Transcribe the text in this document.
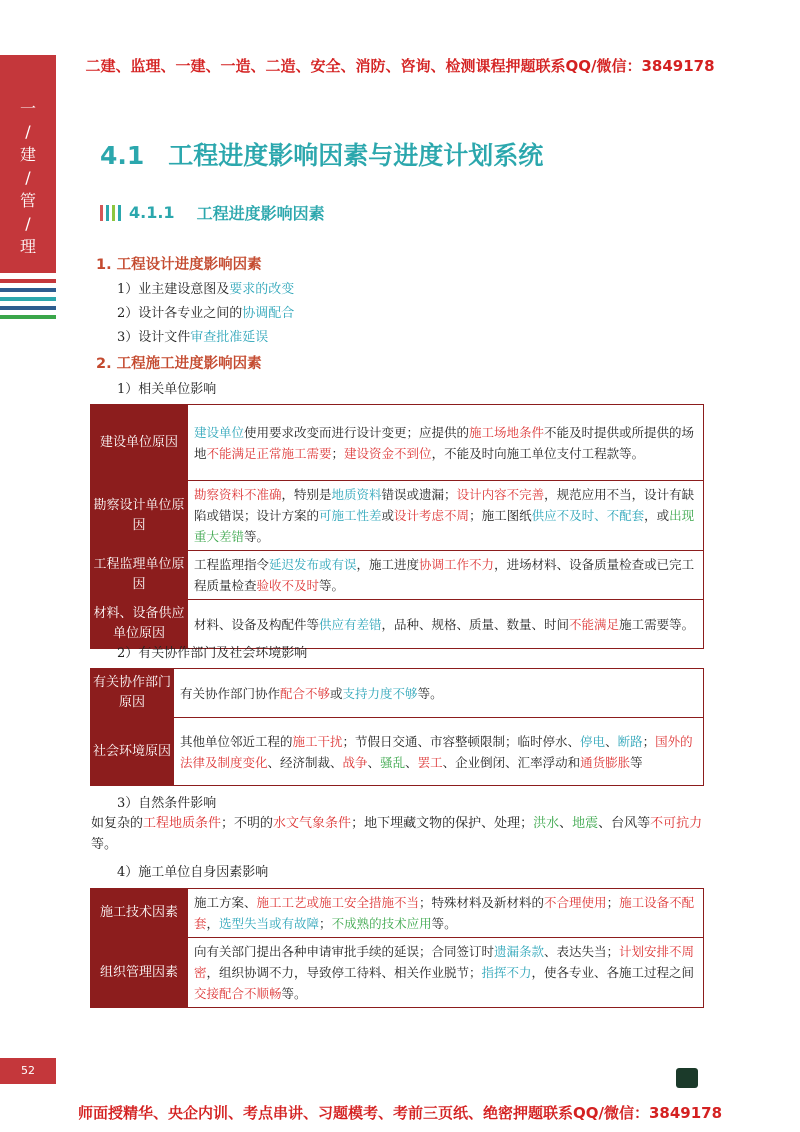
二建、监理、一建、一造、二造、安全、消防、咨询、检测课程押题联系QQ/微信：3849178
师面授精华、央企内训、考点串讲、习题模考、考前三页纸、绝密押题联系QQ/微信：3849178
一
/
建
/
管
/
理
52
4.1 工程进度影响因素与进度计划系统
4.1.1 工程进度影响因素
1. 工程设计进度影响因素
1）业主建设意图及要求的改变
2）设计各专业之间的协调配合
3）设计文件审查批准延误
2. 工程施工进度影响因素
1）相关单位影响
建设单位原因	建设单位使用要求改变而进行设计变更；应提供的施工场地条件不能及时提供或所提供的场地不能满足正常施工需要；建设资金不到位，不能及时向施工单位支付工程款等。
勘察设计单位原因	勘察资料不准确，特别是地质资料错误或遗漏；设计内容不完善，规范应用不当，设计有缺陷或错误；设计方案的可施工性差或设计考虑不周；施工图纸供应不及时、不配套，或出现重大差错等。
工程监理单位原因	工程监理指令延迟发布或有误，施工进度协调工作不力，进场材料、设备质量检查或已完工程质量检查验收不及时等。
材料、设备供应单位原因	材料、设备及构配件等供应有差错，品种、规格、质量、数量、时间不能满足施工需要等。
2）有关协作部门及社会环境影响
有关协作部门原因	有关协作部门协作配合不够或支持力度不够等。
社会环境原因	其他单位邻近工程的施工干扰；节假日交通、市容整顿限制；临时停水、停电、断路；国外的法律及制度变化、经济制裁、战争、骚乱、罢工、企业倒闭、汇率浮动和通货膨胀等
3）自然条件影响
如复杂的工程地质条件；不明的水文气象条件；地下埋藏文物的保护、处理；洪水、地震、台风等不可抗力等。
4）施工单位自身因素影响
施工技术因素	施工方案、施工工艺或施工安全措施不当；特殊材料及新材料的不合理使用；施工设备不配套，选型失当或有故障；不成熟的技术应用等。
组织管理因素	向有关部门提出各种申请审批手续的延误；合同签订时遗漏条款、表达失当；计划安排不周密，组织协调不力，导致停工待料、相关作业脱节；指挥不力，使各专业、各施工过程之间交接配合不顺畅等。
